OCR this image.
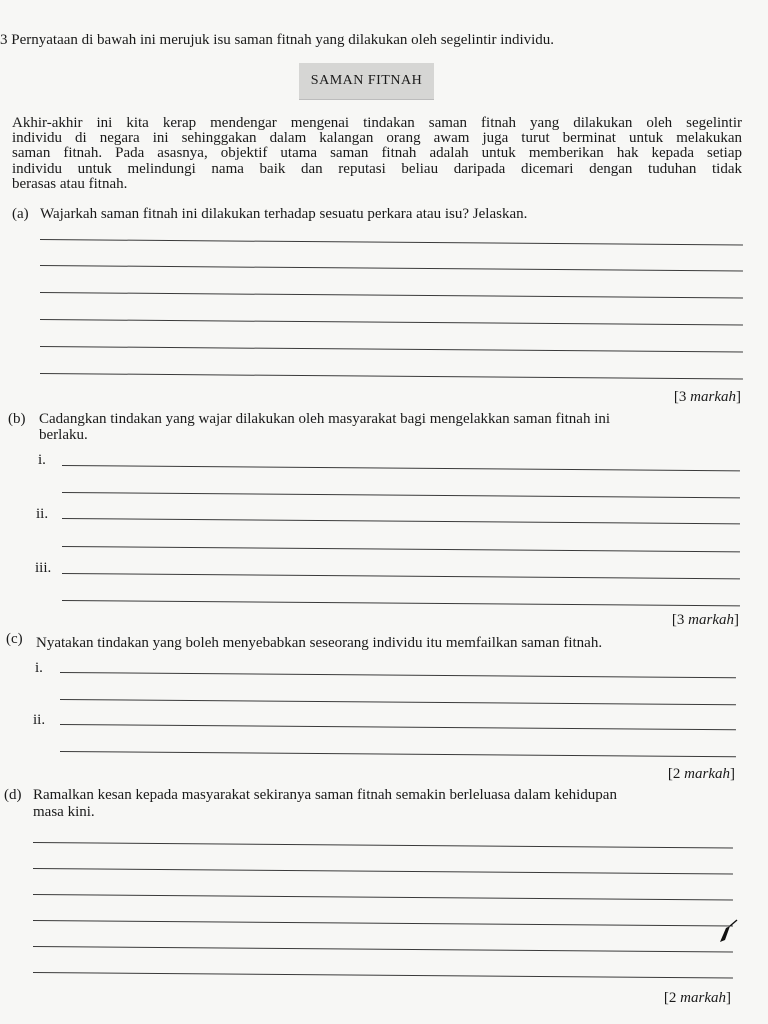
3 Pernyataan di bawah ini merujuk isu saman fitnah yang dilakukan oleh segelintir individu.
SAMAN FITNAH
Akhir-akhir ini kita kerap mendengar mengenai tindakan saman fitnah yang dilakukan oleh segelintir
individu di negara ini sehinggakan dalam kalangan orang awam juga turut berminat untuk melakukan
saman fitnah. Pada asasnya, objektif utama saman fitnah adalah untuk memberikan hak kepada setiap
individu untuk melindungi nama baik dan reputasi beliau daripada dicemari dengan tuduhan tidak
berasas atau fitnah.
(a) Wajarkah saman fitnah ini dilakukan terhadap sesuatu perkara atau isu? Jelaskan.
[3 markah]
(b) Cadangkan tindakan yang wajar dilakukan oleh masyarakat bagi mengelakkan saman fitnah ini
berlaku.
i.
ii.
iii.
[3 markah]
(c) Nyatakan tindakan yang boleh menyebabkan seseorang individu itu memfailkan saman fitnah.
i.
ii.
[2 markah]
(d) Ramalkan kesan kepada masyarakat sekiranya saman fitnah semakin berleluasa dalam kehidupan
masa kini.
[2 markah]
